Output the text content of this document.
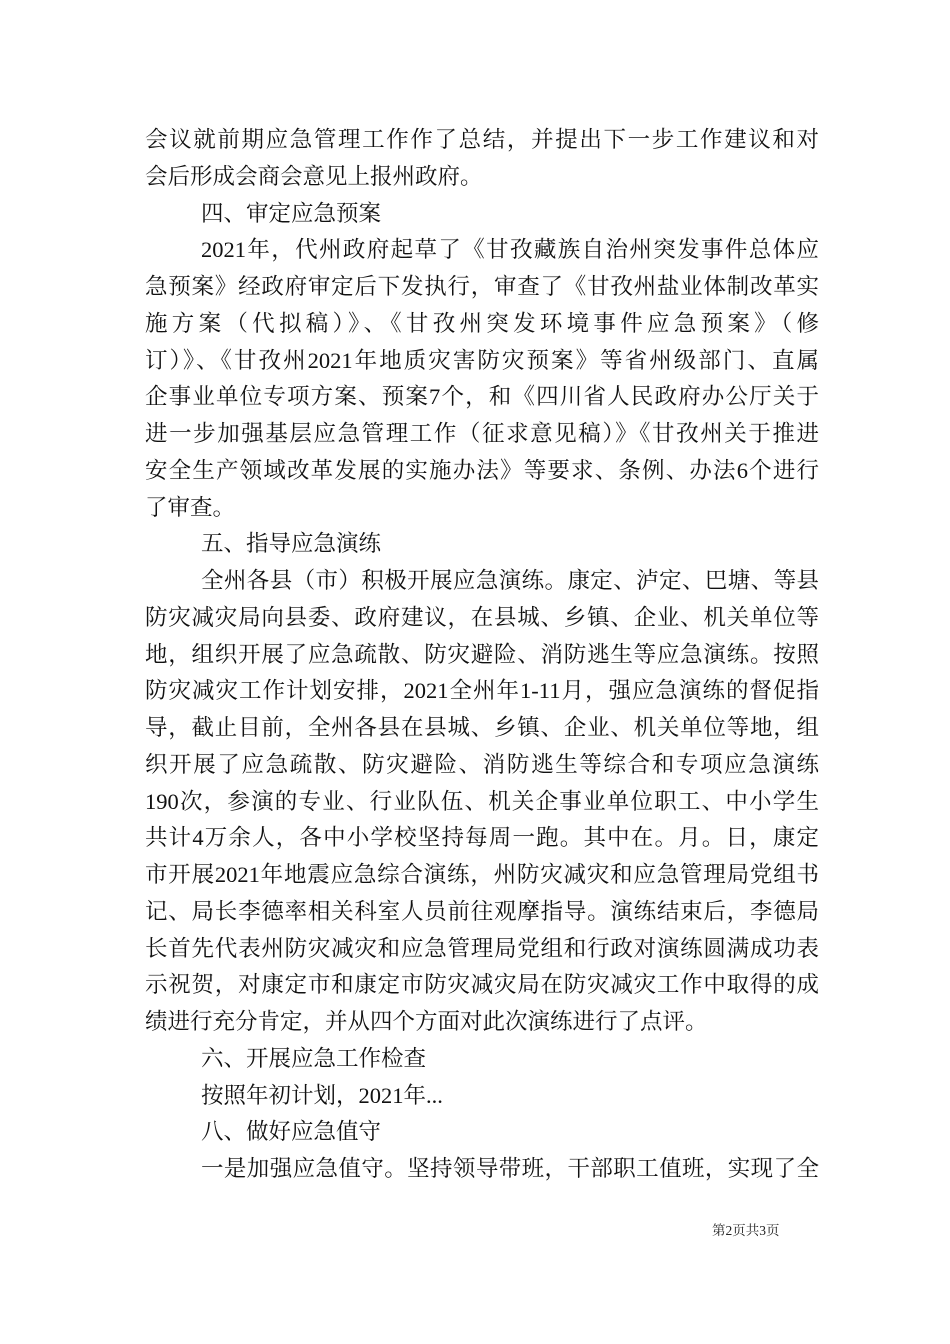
会议就前期应急管理工作作了总结，并提出下一步工作建议和对
会后形成会商会意见上报州政府。
四、审定应急预案
2021年，代州政府起草了《甘孜藏族自治州突发事件总体应
急预案》经政府审定后下发执行，审查了《甘孜州盐业体制改革实
施方案（代拟稿）》、《甘孜州突发环境事件应急预案》（修
订）》、《甘孜州2021年地质灾害防灾预案》等省州级部门、直属
企事业单位专项方案、预案7个，和《四川省人民政府办公厅关于
进一步加强基层应急管理工作（征求意见稿）》《甘孜州关于推进
安全生产领域改革发展的实施办法》等要求、条例、办法6个进行
了审查。
五、指导应急演练
全州各县（市）积极开展应急演练。康定、泸定、巴塘、等县
防灾减灾局向县委、政府建议，在县城、乡镇、企业、机关单位等
地，组织开展了应急疏散、防灾避险、消防逃生等应急演练。按照
防灾减灾工作计划安排，2021全州年1-11月，强应急演练的督促指
导，截止目前，全州各县在县城、乡镇、企业、机关单位等地，组
织开展了应急疏散、防灾避险、消防逃生等综合和专项应急演练
190次，参演的专业、行业队伍、机关企事业单位职工、中小学生
共计4万余人，各中小学校坚持每周一跑。其中在。月。日，康定
市开展2021年地震应急综合演练，州防灾减灾和应急管理局党组书
记、局长李德率相关科室人员前往观摩指导。演练结束后，李德局
长首先代表州防灾减灾和应急管理局党组和行政对演练圆满成功表
示祝贺，对康定市和康定市防灾减灾局在防灾减灾工作中取得的成
绩进行充分肯定，并从四个方面对此次演练进行了点评。
六、开展应急工作检查
按照年初计划，2021年...
八、做好应急值守
一是加强应急值守。坚持领导带班，干部职工值班，实现了全
第2页共3页
